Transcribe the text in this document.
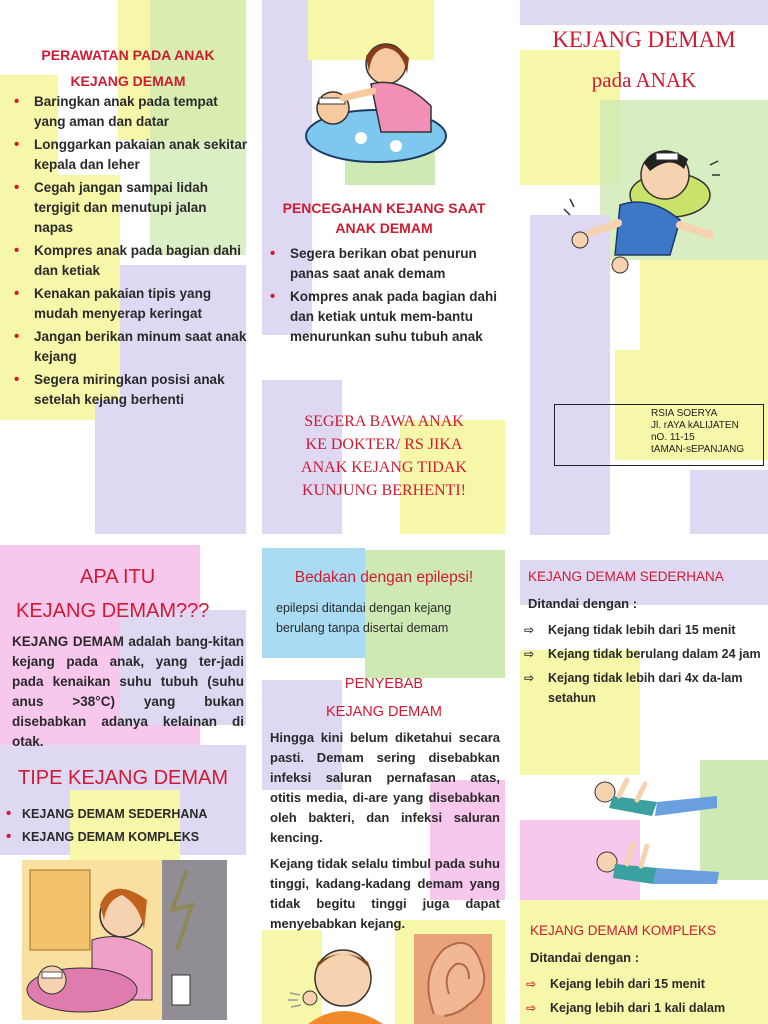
PERAWATAN PADA ANAK
KEJANG DEMAM
• Baringkan anak pada tempat yang aman dan datar
• Longgarkan pakaian anak sekitar kepala dan leher
• Cegah jangan sampai lidah tergigit dan menutupi jalan napas
• Kompres anak pada bagian dahi dan ketiak
• Kenakan pakaian tipis yang mudah menyerap keringat
• Jangan berikan minum saat anak kejang
• Segera miringkan posisi anak setelah kejang berhenti
PENCEGAHAN KEJANG SAAT
ANAK DEMAM
• Segera berikan obat penurun panas saat anak demam
• Kompres anak pada bagian dahi dan ketiak untuk mem-bantu menurunkan suhu tubuh anak
SEGERA BAWA ANAK
KE DOKTER/ RS JIKA
ANAK KEJANG TIDAK
KUNJUNG BERHENTI!
KEJANG DEMAM
pada ANAK
RSIA SOERYA
Jl. rAYA kALIJATEN
nO. 11-15
tAMAN-sEPANJANG
APA ITU
KEJANG DEMAM???

KEJANG DEMAM adalah bang-kitan kejang pada anak, yang ter-jadi pada kenaikan suhu tubuh (suhu anus >38°C) yang bukan disebabkan adanya kelainan di otak.

TIPE KEJANG DEMAM
• KEJANG DEMAM SEDERHANA
• KEJANG DEMAM KOMPLEKS
Bedakan dengan epilepsi!

epilepsi ditandai dengan kejang berulang tanpa disertai demam

PENYEBAB
KEJANG DEMAM

Hingga kini belum diketahui secara pasti. Demam sering disebabkan infeksi saluran pernafasan atas, otitis media, di-are yang disebabkan oleh bakteri, dan infeksi saluran kencing.

Kejang tidak selalu timbul pada suhu tinggi, kadang-kadang demam yang tidak begitu tinggi juga dapat menyebabkan kejang.

KEJANG DEMAM SEDERHANA
Ditandai dengan :
⇨ Kejang tidak lebih dari 15 menit
⇨ Kejang tidak berulang dalam 24 jam
⇨ Kejang tidak lebih dari 4x da-lam setahun
KEJANG DEMAM KOMPLEKS
Ditandai dengan :
⇨ Kejang lebih dari 15 menit
⇨ Kejang lebih dari 1 kali dalam
